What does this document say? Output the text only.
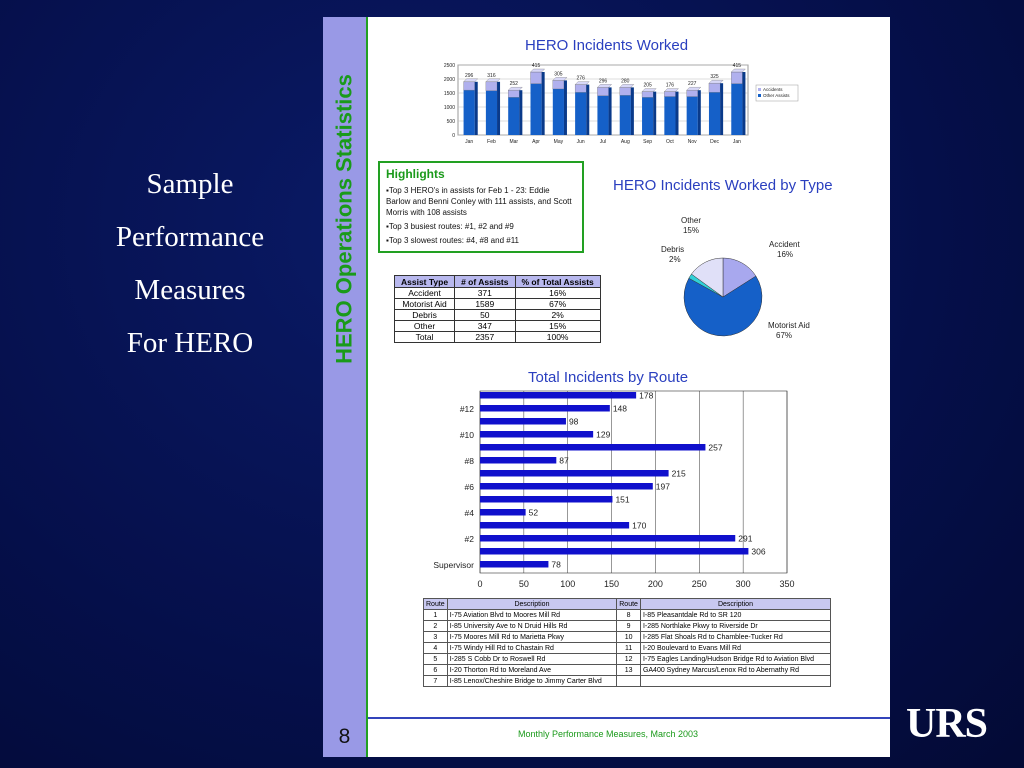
Sample
Performance
Measures
For HERO	HERO Operations Statistics
8
HERO Incidents Worked
0
500
1000
1500
2000
2500
296
Jan
316
Feb
252
Mar
415
Apr
305
May
276
Jun
296
Jul
280
Aug
205
Sep
176
Oct
227
Nov
325
Dec
415
Jan
Accidents
Other Assists
Highlights
▪Top 3 HERO's in assists for Feb 1 - 23: Eddie Barlow and Benni Conley with 111 assists, and Scott Morris with 108 assists
▪Top 3 busiest routes: #1, #2 and #9
▪Top 3 slowest routes: #4, #8 and #11
HERO Incidents Worked by Type
Accident
16%
Motorist Aid
67%
Debris
2%
Other
15%
Assist Type	# of Assists	% of Total Assists
Accident	371	16%
Motorist Aid	1589	67%
Debris	50	2%
Other	347	15%
Total	2357	100%
Total Incidents by Route
0	50	100	150	200	250	300	350
178
148
#12
98
129
#10
257
87
#8
215
197
#6
151
52
#4
170
291
#2
306
78
Supervisor
Route	Description	Route	Description
1	I-75 Aviation Blvd to Moores Mill Rd	8	I-85 Pleasantdale Rd to SR 120
2	I-85 University Ave to N Druid Hills Rd	9	I-285 Northlake Pkwy to Riverside Dr
3	I-75 Moores Mill Rd to Marietta Pkwy	10	I-285 Flat Shoals Rd to Chamblee-Tucker Rd
4	I-75 Windy Hill Rd to Chastain Rd	11	I-20 Boulevard to Evans Mill Rd
5	I-285 S Cobb Dr to Roswell Rd	12	I-75 Eagles Landing/Hudson Bridge Rd to Aviation Blvd
6	I-20 Thorton Rd to Moreland Ave	13	GA400 Sydney Marcus/Lenox Rd to Abernathy Rd
7	I-85 Lenox/Cheshire Bridge to Jimmy Carter Blvd		
Monthly Performance Measures, March 2003	URS
